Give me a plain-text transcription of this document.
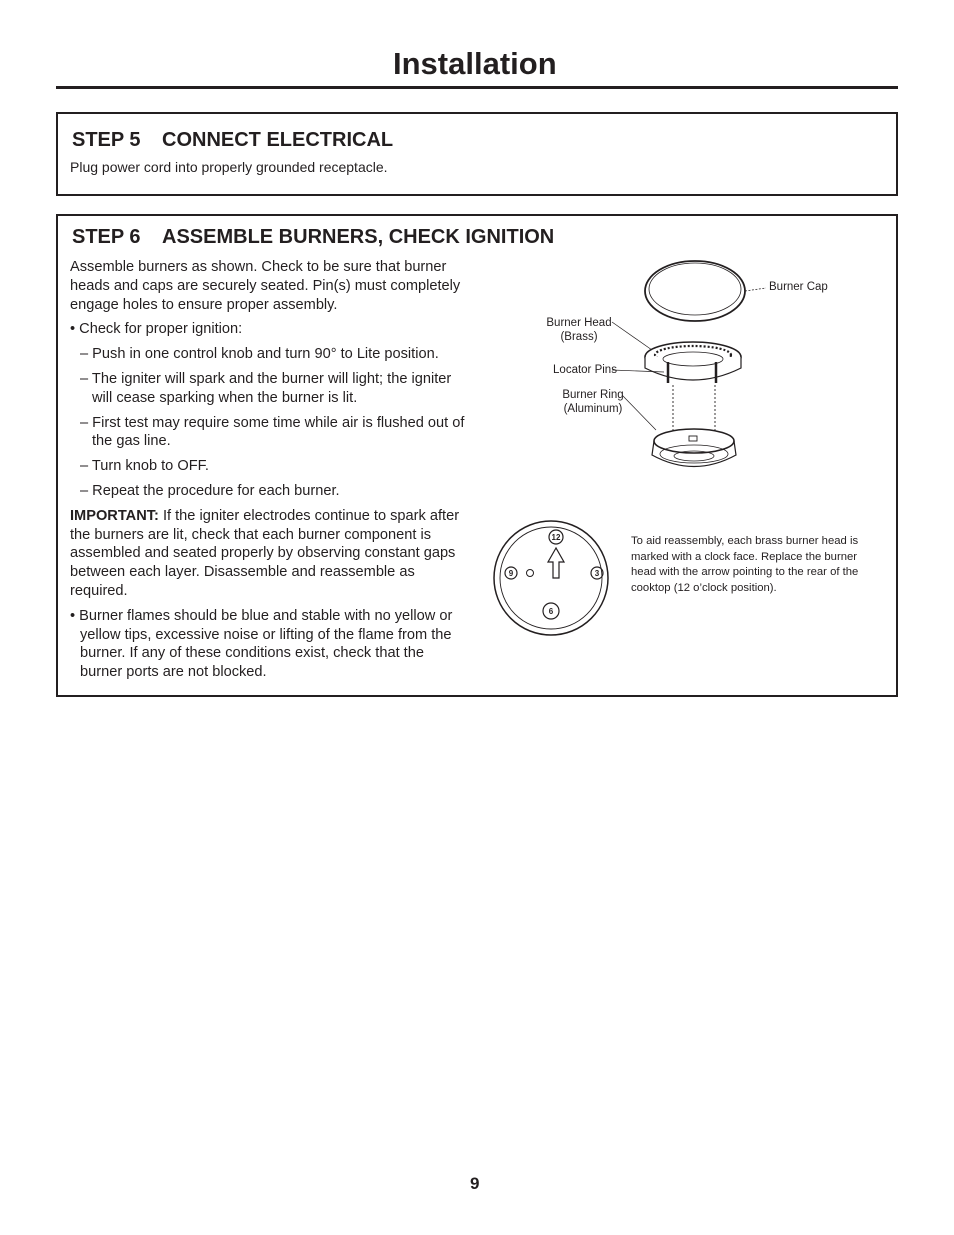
Installation
STEP 5 CONNECT ELECTRICAL

Plug power cord into properly grounded receptacle.

STEP 6 ASSEMBLE BURNERS, CHECK IGNITION

Assemble burners as shown. Check to be sure that burner heads and caps are securely seated. Pin(s) must completely engage holes to ensure proper assembly.

• Check for proper ignition:

– Push in one control knob and turn 90° to Lite position.

– The igniter will spark and the burner will light; the igniter will cease sparking when the burner is lit.

– First test may require some time while air is flushed out of the gas line.

– Turn knob to OFF.

– Repeat the procedure for each burner.

IMPORTANT: If the igniter electrodes continue to spark after the burners are lit, check that each burner component is assembled and seated properly by observing constant gaps between each layer. Disassemble and reassemble as required.

• Burner flames should be blue and stable with no yellow or yellow tips, excessive noise or lifting of the flame from the burner. If any of these conditions exist, check that the burner ports are not blocked.

12
9	3
6
Burner Cap
Burner Head
(Brass)
Locator Pins
Burner Ring
(Aluminum)
To aid reassembly, each brass burner head is marked with a clock face. Replace the burner head with the arrow pointing to the rear of the cooktop (12 o’clock position).
9
